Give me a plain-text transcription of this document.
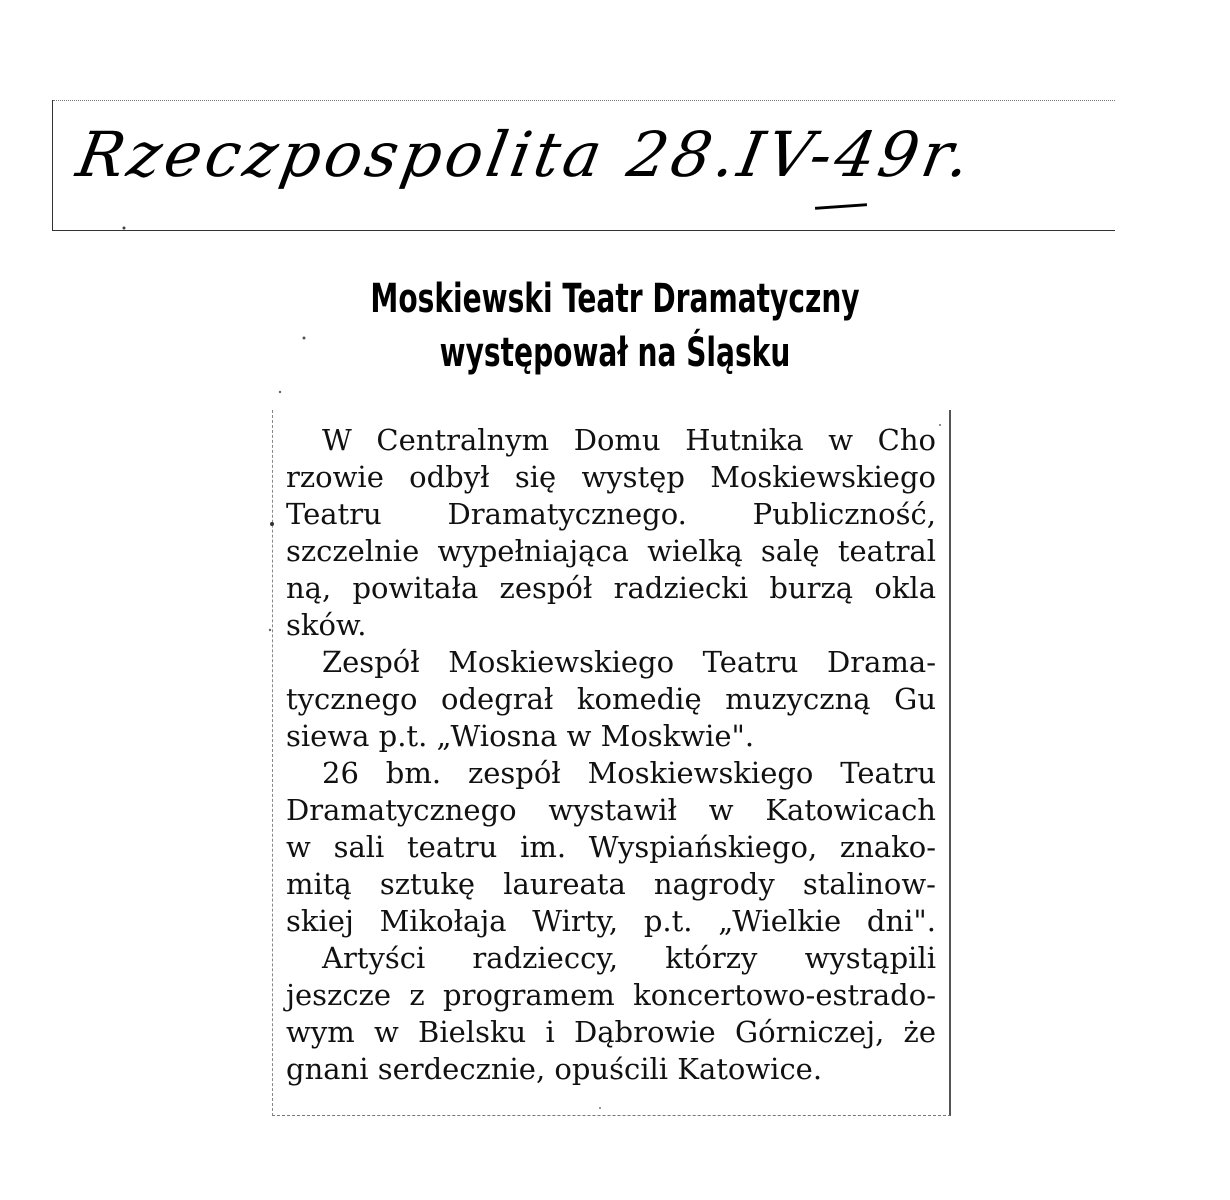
Rzeczpospolita 28.IV-49r.
Moskiewski Teatr Dramatyczny
występował na Śląsku
W Centralnym Domu Hutnika w Cho
rzowie odbył się występ Moskiewskiego
Teatru Dramatycznego. Publiczność,
szczelnie wypełniająca wielką salę teatral
ną, powitała zespół radziecki burzą okla
sków.
Zespół Moskiewskiego Teatru Drama-
tycznego odegrał komedię muzyczną Gu
siewa p.t. „Wiosna w Moskwie".
26 bm. zespół Moskiewskiego Teatru
Dramatycznego wystawił w Katowicach
w sali teatru im. Wyspiańskiego, znako-
mitą sztukę laureata nagrody stalinow-
skiej Mikołaja Wirty, p.t. „Wielkie dni".
Artyści radzieccy, którzy wystąpili
jeszcze z programem koncertowo-estrado-
wym w Bielsku i Dąbrowie Górniczej, że
gnani serdecznie, opuścili Katowice.
